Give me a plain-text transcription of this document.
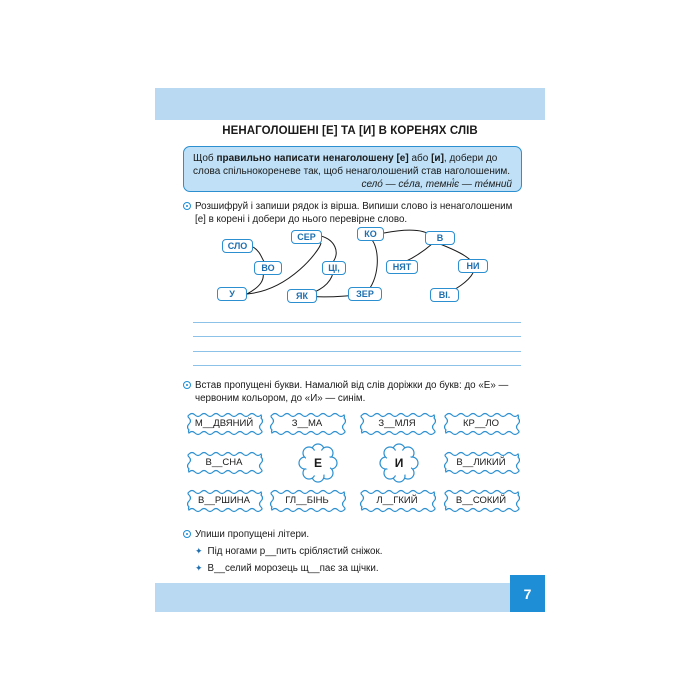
НЕНАГОЛОШЕНІ [Е] ТА [И] В КОРЕНЯХ СЛІВ
Щоб правильно написати ненаголошену [е] або [и], добери до
слова спільнокореневе так, щоб ненаголошений став наголошеним.
село́ — се́ла, темні́є — те́мний
Розшифруй і запиши рядок із вірша. Випиши слово із ненаголошеним
[е] в корені і добери до нього перевірне слово.
СЛО
ВО
У
СЕР
ЦІ,
ЯК	ЗЕР
КО
НЯТ
В
НИ
ВІ.
Встав пропущені букви. Намалюй від слів доріжки до букв: до «Е» —
червоним кольором, до «И» — синім.
М__ДВЯНИЙ	З__МА	З__МЛЯ	КР__ЛО
В__СНА	Е	И	В__ЛИКИЙ
В__РШИНА	ГЛ__БІНЬ	Л__ГКИЙ	В__СОКИЙ
Упиши пропущені літери.
✦ Під ногами р__пить сріблястий сніжок.
✦ В__селий морозець щ__пає за щічки.
7
